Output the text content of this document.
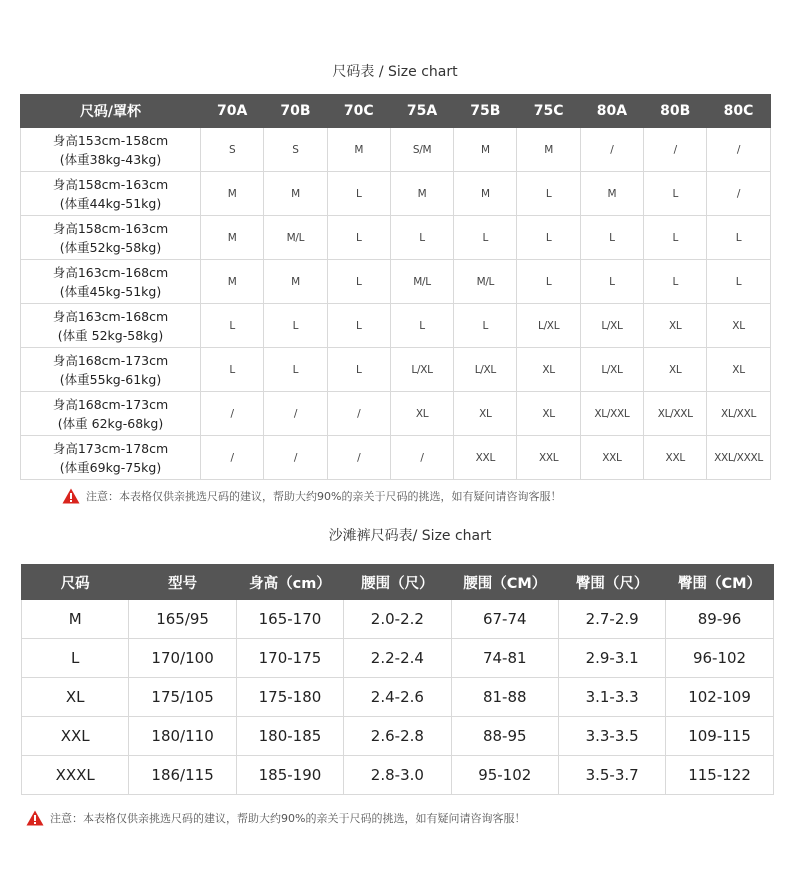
尺码表 / Size chart
尺码/罩杯	70A	70B	70C	75A	75B	75C	80A	80B	80C

身高153cm-158cm
(体重38kg-43kg)	S	S	M	S/M	M	M	/	/	/

身高158cm-163cm
(体重44kg-51kg)	M	M	L	M	M	L	M	L	/

身高158cm-163cm
(体重52kg-58kg)	M	M/L	L	L	L	L	L	L	L

身高163cm-168cm
(体重45kg-51kg)	M	M	L	M/L	M/L	L	L	L	L

身高163cm-168cm
(体重 52kg-58kg)	L	L	L	L	L	L/XL	L/XL	XL	XL

身高168cm-173cm
(体重55kg-61kg)	L	L	L	L/XL	L/XL	XL	L/XL	XL	XL

身高168cm-173cm
(体重 62kg-68kg)	/	/	/	XL	XL	XL	XL/XXL	XL/XXL	XL/XXL

身高173cm-178cm
(体重69kg-75kg)	/	/	/	/	XXL	XXL	XXL	XXL	XXL/XXXL
注意：本表格仅供亲挑选尺码的建议，帮助大约90%的亲关于尺码的挑选，如有疑问请咨询客服！
沙滩裤尺码表/ Size chart
尺码	型号	身高（cm）	腰围（尺）	腰围（CM）	臀围（尺）	臀围（CM）
M	165/95	165-170	2.0-2.2	67-74	2.7-2.9	89-96
L	170/100	170-175	2.2-2.4	74-81	2.9-3.1	96-102
XL	175/105	175-180	2.4-2.6	81-88	3.1-3.3	102-109
XXL	180/110	180-185	2.6-2.8	88-95	3.3-3.5	109-115
XXXL	186/115	185-190	2.8-3.0	95-102	3.5-3.7	115-122
注意：本表格仅供亲挑选尺码的建议，帮助大约90%的亲关于尺码的挑选，如有疑问请咨询客服！
